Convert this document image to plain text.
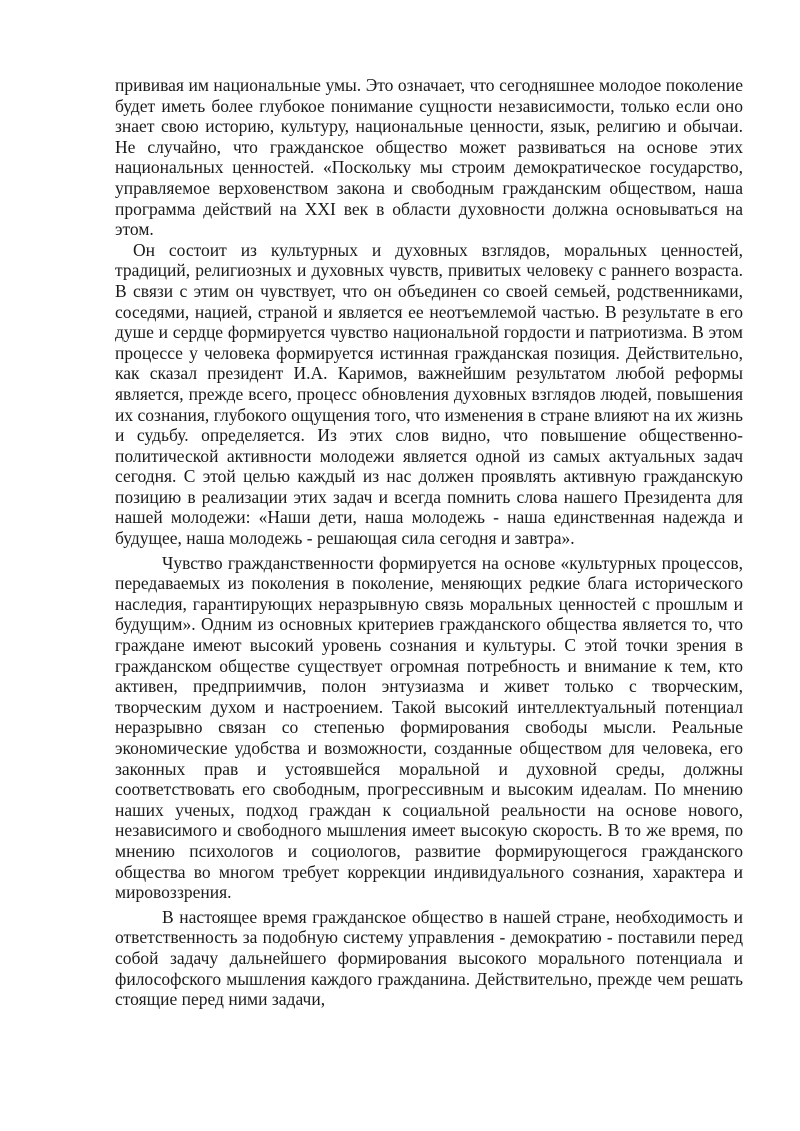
прививая им национальные умы. Это означает, что сегодняшнее молодое поколение будет иметь более глубокое понимание сущности независимости, только если оно знает свою историю, культуру, национальные ценности, язык, религию и обычаи. Не случайно, что гражданское общество может развиваться на основе этих национальных ценностей. «Поскольку мы строим демократическое государство, управляемое верховенством закона и свободным гражданским обществом, наша программа действий на XXI век в области духовности должна основываться на этом.

Он состоит из культурных и духовных взглядов, моральных ценностей, традиций, религиозных и духовных чувств, привитых человеку с раннего возраста. В связи с этим он чувствует, что он объединен со своей семьей, родственниками, соседями, нацией, страной и является ее неотъемлемой частью. В результате в его душе и сердце формируется чувство национальной гордости и патриотизма. В этом процессе у человека формируется истинная гражданская позиция. Действительно, как сказал президент И.А. Каримов, важнейшим результатом любой реформы является, прежде всего, процесс обновления духовных взглядов людей, повышения их сознания, глубокого ощущения того, что изменения в стране влияют на их жизнь и судьбу. определяется. Из этих слов видно, что повышение общественно-политической активности молодежи является одной из самых актуальных задач сегодня. С этой целью каждый из нас должен проявлять активную гражданскую позицию в реализации этих задач и всегда помнить слова нашего Президента для нашей молодежи: «Наши дети, наша молодежь - наша единственная надежда и будущее, наша молодежь - решающая сила сегодня и завтра».

Чувство гражданственности формируется на основе «культурных процессов, передаваемых из поколения в поколение, меняющих редкие блага исторического наследия, гарантирующих неразрывную связь моральных ценностей с прошлым и будущим». Одним из основных критериев гражданского общества является то, что граждане имеют высокий уровень сознания и культуры. С этой точки зрения в гражданском обществе существует огромная потребность и внимание к тем, кто активен, предприимчив, полон энтузиазма и живет только с творческим, творческим духом и настроением. Такой высокий интеллектуальный потенциал неразрывно связан со степенью формирования свободы мысли. Реальные экономические удобства и возможности, созданные обществом для человека, его законных прав и устоявшейся моральной и духовной среды, должны соответствовать его свободным, прогрессивным и высоким идеалам. По мнению наших ученых, подход граждан к социальной реальности на основе нового, независимого и свободного мышления имеет высокую скорость. В то же время, по мнению психологов и социологов, развитие формирующегося гражданского общества во многом требует коррекции индивидуального сознания, характера и мировоззрения.

В настоящее время гражданское общество в нашей стране, необходимость и ответственность за подобную систему управления - демократию - поставили перед собой задачу дальнейшего формирования высокого морального потенциала и философского мышления каждого гражданина. Действительно, прежде чем решать стоящие перед ними задачи,
